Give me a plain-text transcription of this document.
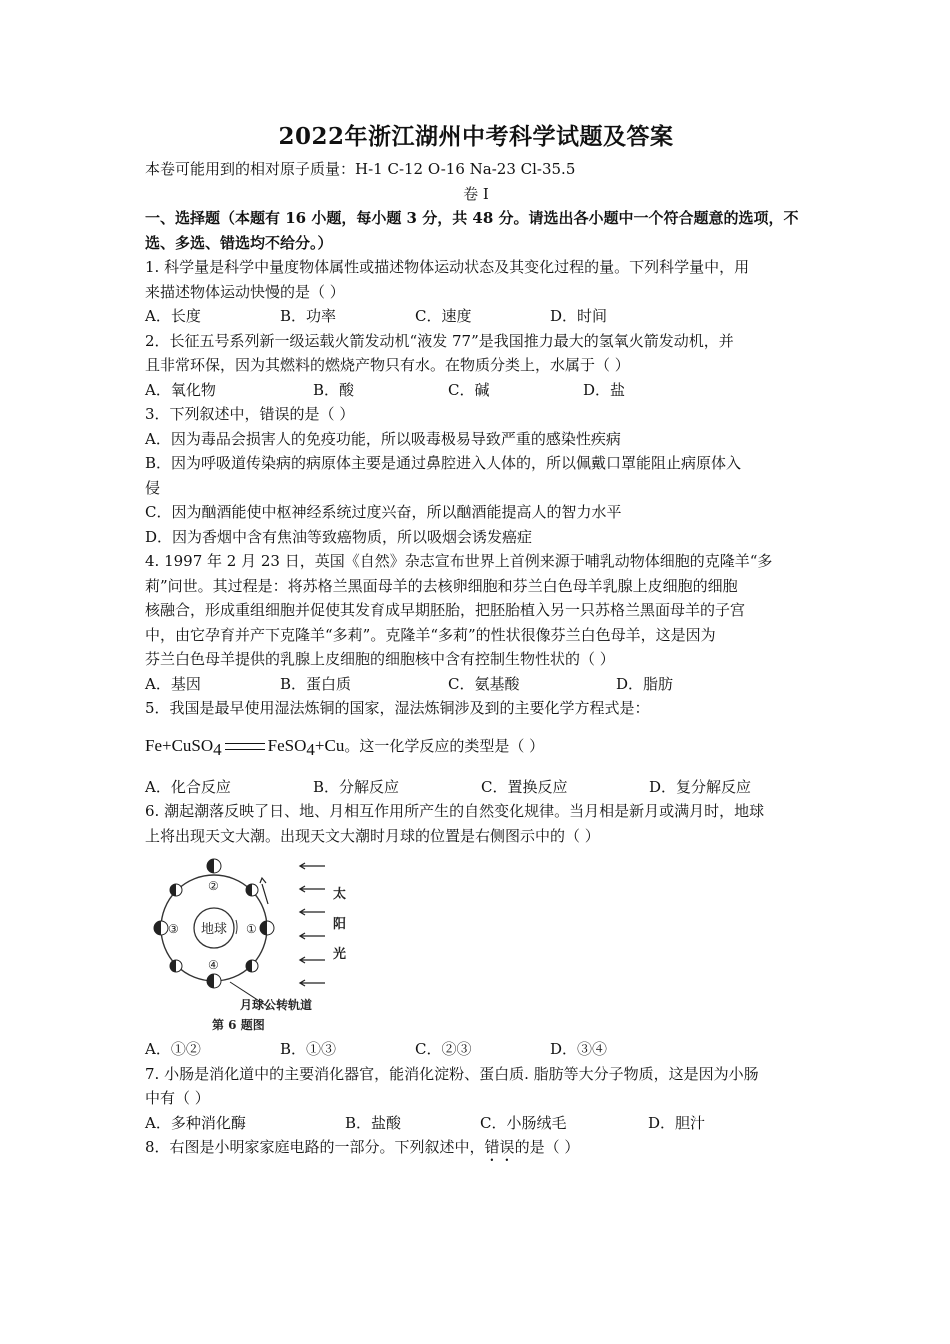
2022年浙江湖州中考科学试题及答案
本卷可能用到的相对原子质量：H-1 C-12 O-16 Na-23 Cl-35.5
卷 I
一、选择题（本题有 16 小题，每小题 3 分，共 48 分。请选出各小题中一个符合题意的选项，不
选、多选、错选均不给分。）
1. 科学量是科学中量度物体属性或描述物体运动状态及其变化过程的量。下列科学量中，用
来描述物体运动快慢的是（ ）
A．长度	B．功率	C．速度	D．时间
2．长征五号系列新一级运载火箭发动机“液发 77”是我国推力最大的氢氧火箭发动机，并
且非常环保，因为其燃料的燃烧产物只有水。在物质分类上，水属于（ ）
A．氧化物	B．酸	C．碱	D．盐
3．下列叙述中，错误的是（ ）
A．因为毒品会损害人的免疫功能，所以吸毒极易导致严重的感染性疾病
B．因为呼吸道传染病的病原体主要是通过鼻腔进入人体的，所以佩戴口罩能阻止病原体入
侵
C．因为酗酒能使中枢神经系统过度兴奋，所以酗酒能提高人的智力水平
D．因为香烟中含有焦油等致癌物质，所以吸烟会诱发癌症
4. 1997 年 2 月 23 日，英国《自然》杂志宣布世界上首例来源于哺乳动物体细胞的克隆羊“多
莉”问世。其过程是：将苏格兰黑面母羊的去核卵细胞和芬兰白色母羊乳腺上皮细胞的细胞
核融合，形成重组细胞并促使其发育成早期胚胎，把胚胎植入另一只苏格兰黑面母羊的子宫
中，由它孕育并产下克隆羊“多莉”。克隆羊“多莉”的性状很像芬兰白色母羊，这是因为
芬兰白色母羊提供的乳腺上皮细胞的细胞核中含有控制生物性状的（ ）
A．基因	B．蛋白质	C．氨基酸	D．脂肪
5．我国是最早使用湿法炼铜的国家，湿法炼铜涉及到的主要化学方程式是：
Fe+CuSO$_4$	FeSO$_4$+Cu。这一化学反应的类型是（ ）
A．化合反应	B．分解反应	C．置换反应	D．复分解反应
6. 潮起潮落反映了日、地、月相互作用所产生的自然变化规律。当月相是新月或满月时，地球
上将出现天文大潮。出现天文大潮时月球的位置是右侧图示中的（ ）
地球
②
③	①
④
太
阳
光
月球公转轨道
第 6 题图
A．①②	B．①③	C．②③	D．③④
7. 小肠是消化道中的主要消化器官，能消化淀粉、蛋白质. 脂肪等大分子物质，这是因为小肠
中有（ ）
A．多种消化酶	B．盐酸	C．小肠绒毛	D．胆汁
8．右图是小明家家庭电路的一部分。下列叙述中，错误的是（ ）
